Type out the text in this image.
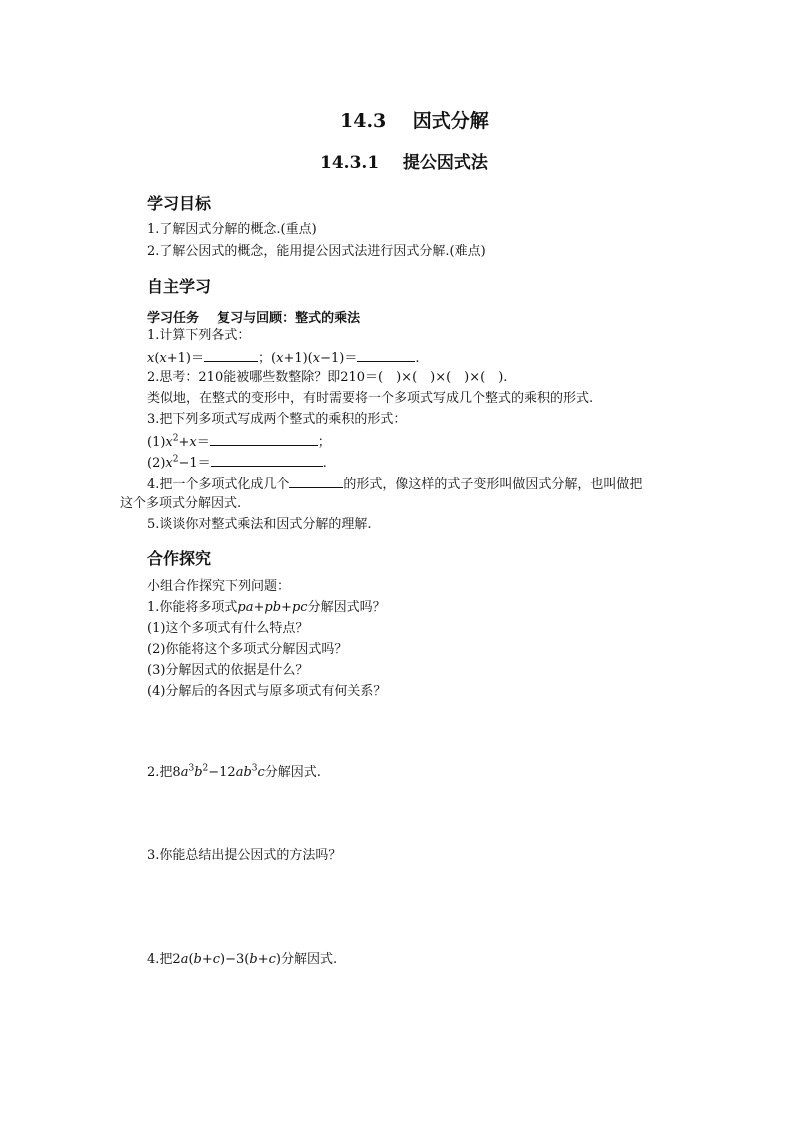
14.3 因式分解
14.3.1 提公因式法
学习目标
1.了解因式分解的概念.(重点)
2.了解公因式的概念，能用提公因式法进行因式分解.(难点)
自主学习
学习任务 复习与回顾：整式的乘法
1.计算下列各式：
x(x+1)＝	；(x+1)(x−1)＝	.
2.思考：210能被哪些数整除？即210＝(　)×(　)×(　)×(　).
类似地，在整式的变形中，有时需要将一个多项式写成几个整式的乘积的形式.
3.把下列多项式写成两个整式的乘积的形式：
$(1)x^2+x=$	；
$(2)x^2-1=$	.
4.把一个多项式化成几个	的形式，像这样的式子变形叫做因式分解，也叫做把
这个多项式分解因式.
5.谈谈你对整式乘法和因式分解的理解.
合作探究
小组合作探究下列问题：
1.你能将多项式pa+pb+pc分解因式吗？
(1)这个多项式有什么特点？
(2)你能将这个多项式分解因式吗？
(3)分解因式的依据是什么？
(4)分解后的各因式与原多项式有何关系？
2.把$8a^3b^2-12ab^3c$分解因式.
3.你能总结出提公因式的方法吗？
4.把2a(b+c)−3(b+c)分解因式.
